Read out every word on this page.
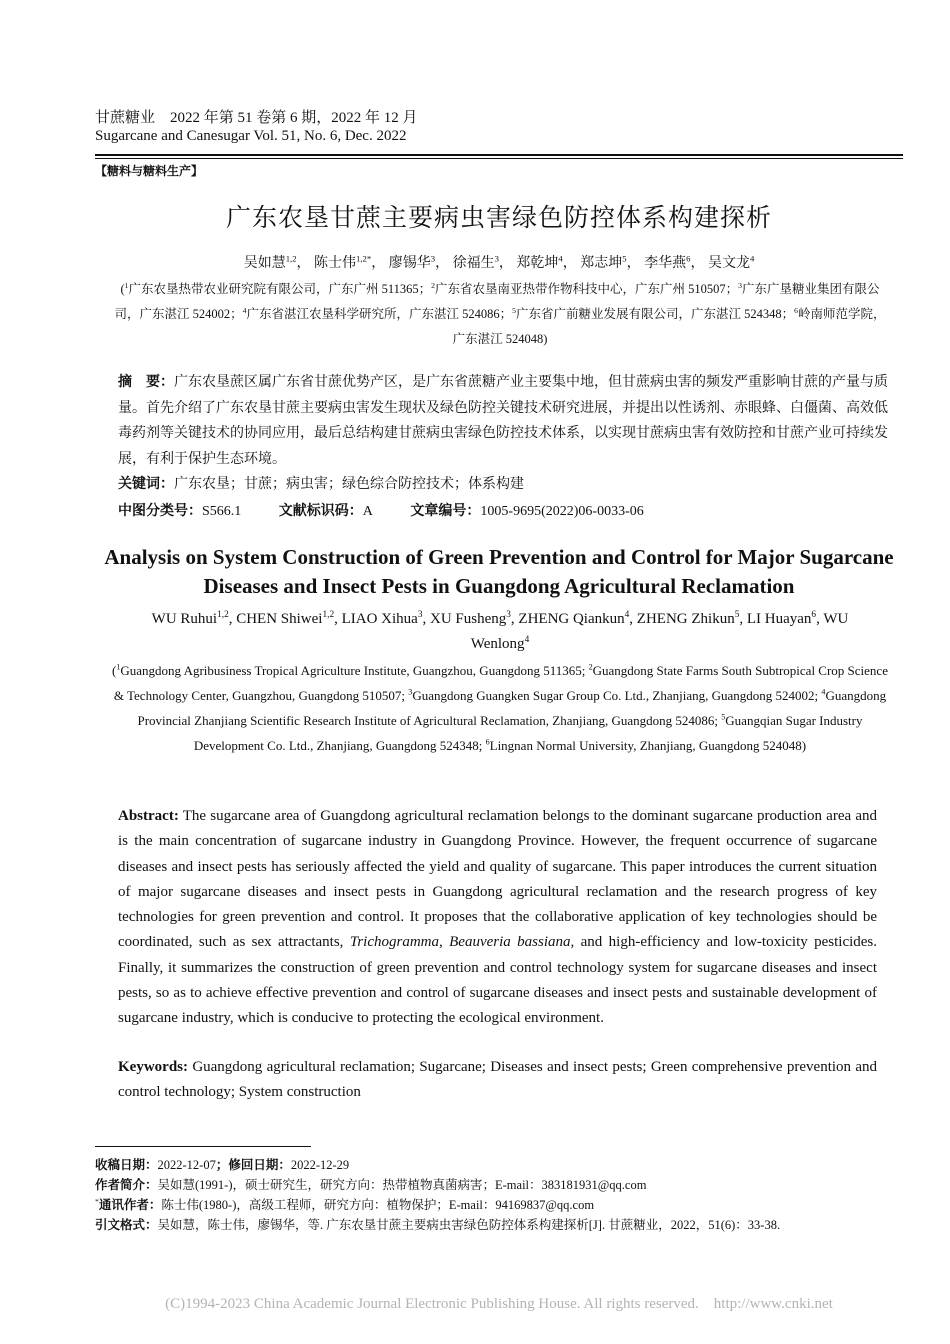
甘蔗糖业 2022 年第 51 卷第 6 期，2022 年 12 月
Sugarcane and Canesugar Vol. 51, No. 6, Dec. 2022
【糖料与糖料生产】
广东农垦甘蔗主要病虫害绿色防控体系构建探析
吴如慧$^{1,2}$， 陈士伟$^{1,2*}$， 廖锡华$^3$， 徐福生$^3$， 郑乾坤$^4$， 郑志坤$^5$， 李华燕$^6$， 吴文龙$^4$
($^1$广东农垦热带农业研究院有限公司，广东广州 511365；$^2$广东省农垦南亚热带作物科技中心，广东广州 510507；$^3$广东广垦糖业集团有限公司，广东湛江 524002；$^4$广东省湛江农垦科学研究所，广东湛江 524086；$^5$广东省广前糖业发展有限公司，广东湛江 524348；$^6$岭南师范学院，广东湛江 524048)
摘　要：广东农垦蔗区属广东省甘蔗优势产区，是广东省蔗糖产业主要集中地，但甘蔗病虫害的频发严重影响甘蔗的产量与质量。首先介绍了广东农垦甘蔗主要病虫害发生现状及绿色防控关键技术研究进展，并提出以性诱剂、赤眼蜂、白僵菌、高效低毒药剂等关键技术的协同应用，最后总结构建甘蔗病虫害绿色防控技术体系，以实现甘蔗病虫害有效防控和甘蔗产业可持续发展，有利于保护生态环境。
关键词：广东农垦；甘蔗；病虫害；绿色综合防控技术；体系构建
中图分类号：S566.1	文献标识码：A	文章编号：1005-9695(2022)06-0033-06
Analysis on System Construction of Green Prevention and Control for Major Sugarcane Diseases and Insect Pests in Guangdong Agricultural Reclamation
WU Ruhui$^{1,2}$, CHEN Shiwei$^{1,2}$, LIAO Xihua$^3$, XU Fusheng$^3$, ZHENG Qiankun$^4$, ZHENG Zhikun$^5$, LI Huayan$^6$, WU Wenlong$^4$
($^1$Guangdong Agribusiness Tropical Agriculture Institute, Guangzhou, Guangdong 511365; $^2$Guangdong State Farms South Subtropical Crop Science & Technology Center, Guangzhou, Guangdong 510507; $^3$Guangdong Guangken Sugar Group Co. Ltd., Zhanjiang, Guangdong 524002; $^4$Guangdong Provincial Zhanjiang Scientific Research Institute of Agricultural Reclamation, Zhanjiang, Guangdong 524086; $^5$Guangqian Sugar Industry Development Co. Ltd., Zhanjiang, Guangdong 524348; $^6$Lingnan Normal University, Zhanjiang, Guangdong 524048)
Abstract: The sugarcane area of Guangdong agricultural reclamation belongs to the dominant sugarcane production area and is the main concentration of sugarcane industry in Guangdong Province. However, the frequent occurrence of sugarcane diseases and insect pests has seriously affected the yield and quality of sugarcane. This paper introduces the current situation of major sugarcane diseases and insect pests in Guangdong agricultural reclamation and the research progress of key technologies for green prevention and control. It proposes that the collaborative application of key technologies should be coordinated, such as sex attractants, Trichogramma, Beauveria bassiana, and high-efficiency and low-toxicity pesticides. Finally, it summarizes the construction of green prevention and control technology system for sugarcane diseases and insect pests, so as to achieve effective prevention and control of sugarcane diseases and insect pests and sustainable development of sugarcane industry, which is conducive to protecting the ecological environment.
Keywords: Guangdong agricultural reclamation; Sugarcane; Diseases and insect pests; Green comprehensive prevention and control technology; System construction
收稿日期：2022-12-07；修回日期：2022-12-29
作者简介：吴如慧(1991-)，硕士研究生，研究方向：热带植物真菌病害；E-mail：383181931@qq.com
*通讯作者：陈士伟(1980-)，高级工程师，研究方向：植物保护；E-mail：94169837@qq.com
引文格式：吴如慧，陈士伟，廖锡华，等. 广东农垦甘蔗主要病虫害绿色防控体系构建探析[J]. 甘蔗糖业，2022，51(6)：33-38.
(C)1994-2023 China Academic Journal Electronic Publishing House. All rights reserved.    http://www.cnki.net
